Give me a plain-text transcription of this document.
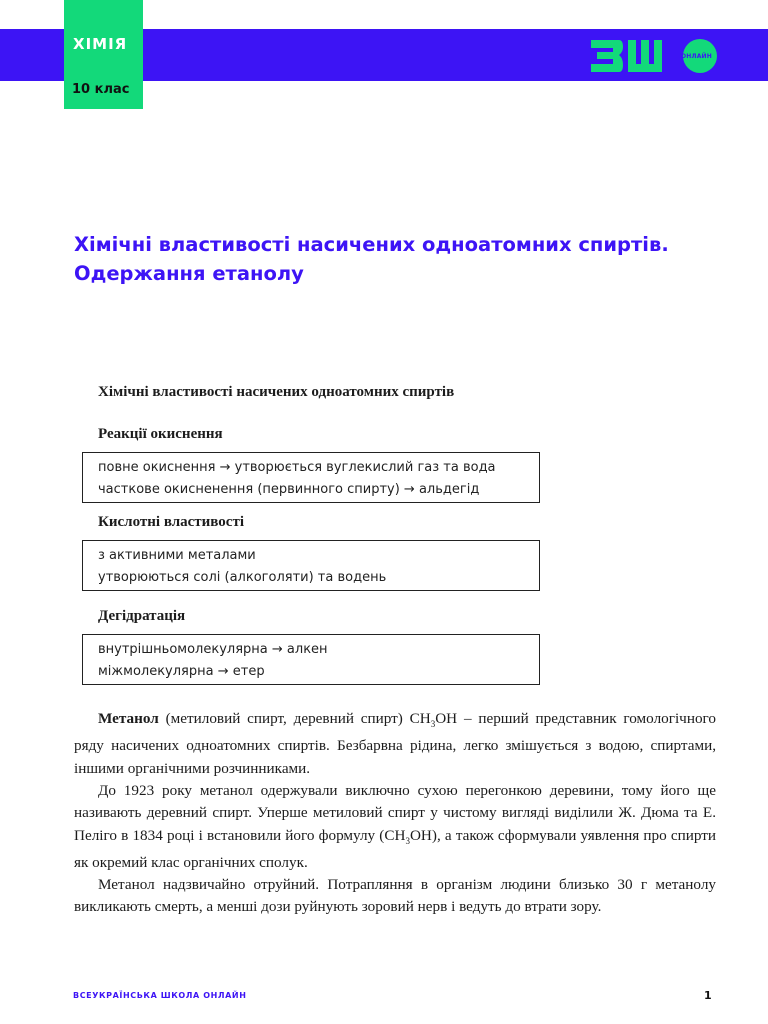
ХІМІЯ
10 клас
ОНЛАЙН
Хімічні властивості насичених одноатомних спиртів. Одержання етанолу
Хімічні властивості насичених одноатомних спиртів
Реакції окиснення
повне окиснення → утворюється вуглекислий газ та вода
часткове окисненення (первинного спирту) → альдегід
Кислотні властивості
з активними металами
утворюються солі (алкоголяти) та водень
Дегідратація
внутрішньомолекулярна → алкен
міжмолекулярна → етер

Метанол (метиловий спирт, деревний спирт) $CH_3OH$ – перший представник гомологічного ряду насичених одноатомних спиртів. Безбарвна рідина, легко змішується з водою, спиртами, іншими органічними розчинниками.

До 1923 року метанол одержували виключно сухою перегонкою деревини, тому його ще називають деревний спирт. Уперше метиловий спирт у чистому вигляді виділили Ж. Дюма та Е. Пеліго в 1834 році і встановили його формулу $(CH_3OH)$, а також сформували уявлення про спирти як окремий клас органічних сполук.

Метанол надзвичайно отруйний. Потрапляння в організм людини близько 30 г метанолу викликають смерть, а менші дози руйнують зоровий нерв і ведуть до втрати зору.

ВСЕУКРАЇНСЬКА ШКОЛА ОНЛАЙН	1
